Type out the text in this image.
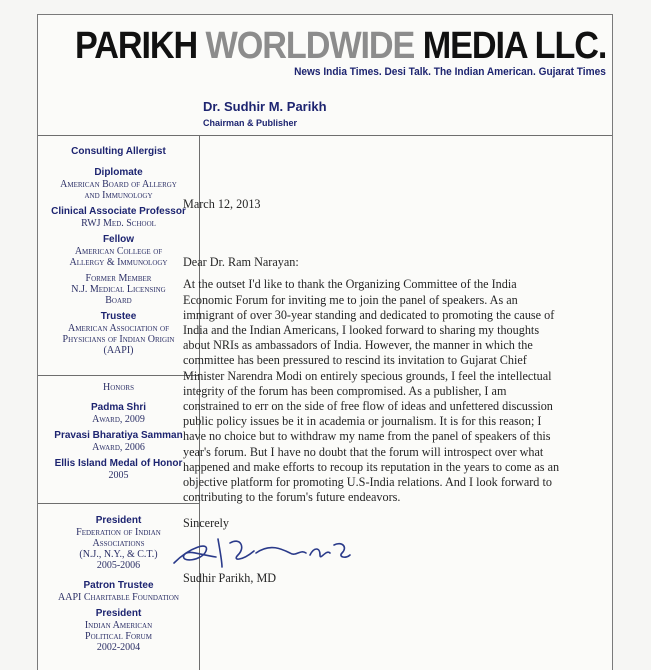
PARIKH WORLDWIDE MEDIA LLC.
News India Times. Desi Talk. The Indian American. Gujarat Times
Dr. Sudhir M. Parikh
Chairman & Publisher
Consulting Allergist
Diplomate
American Board of Allergy
and Immunology
Clinical Associate Professor
RWJ Med. School
Fellow
American College of
Allergy & Immunology
Former Member
N.J. Medical Licensing
Board
Trustee
American Association of
Physicians of Indian Origin
(AAPI)
Honors
Padma Shri
Award, 2009
Pravasi Bharatiya Samman
Award, 2006
Ellis Island Medal of Honor
2005
President
Federation of Indian
Associations
(N.J., N.Y., & C.T.)
2005-2006
Patron Trustee
AAPI Charitable Foundation
President
Indian American
Political Forum
2002-2004

March 12, 2013

Dear Dr. Ram Narayan:

At the outset I'd like to thank the Organizing Committee of the India Economic Forum for inviting me to join the panel of speakers. As an immigrant of over 30-year standing and dedicated to promoting the cause of India and the Indian Americans, I looked forward to sharing my thoughts about NRIs as ambassadors of India. However, the manner in which the committee has been pressured to rescind its invitation to Gujarat Chief Minister Narendra Modi on entirely specious grounds, I feel the intellectual integrity of the forum has been compromised. As a publisher, I am constrained to err on the side of free flow of ideas and unfettered discussion public policy issues be it in academia or journalism. It is for this reason; I have no choice but to withdraw my name from the panel of speakers of this year's forum. But I have no doubt that the forum will introspect over what happened and make efforts to recoup its reputation in the years to come as an objective platform for promoting U.S-India relations. And I look forward to contributing to the forum's future endeavors.

Sincerely

Sudhir Parikh, MD
